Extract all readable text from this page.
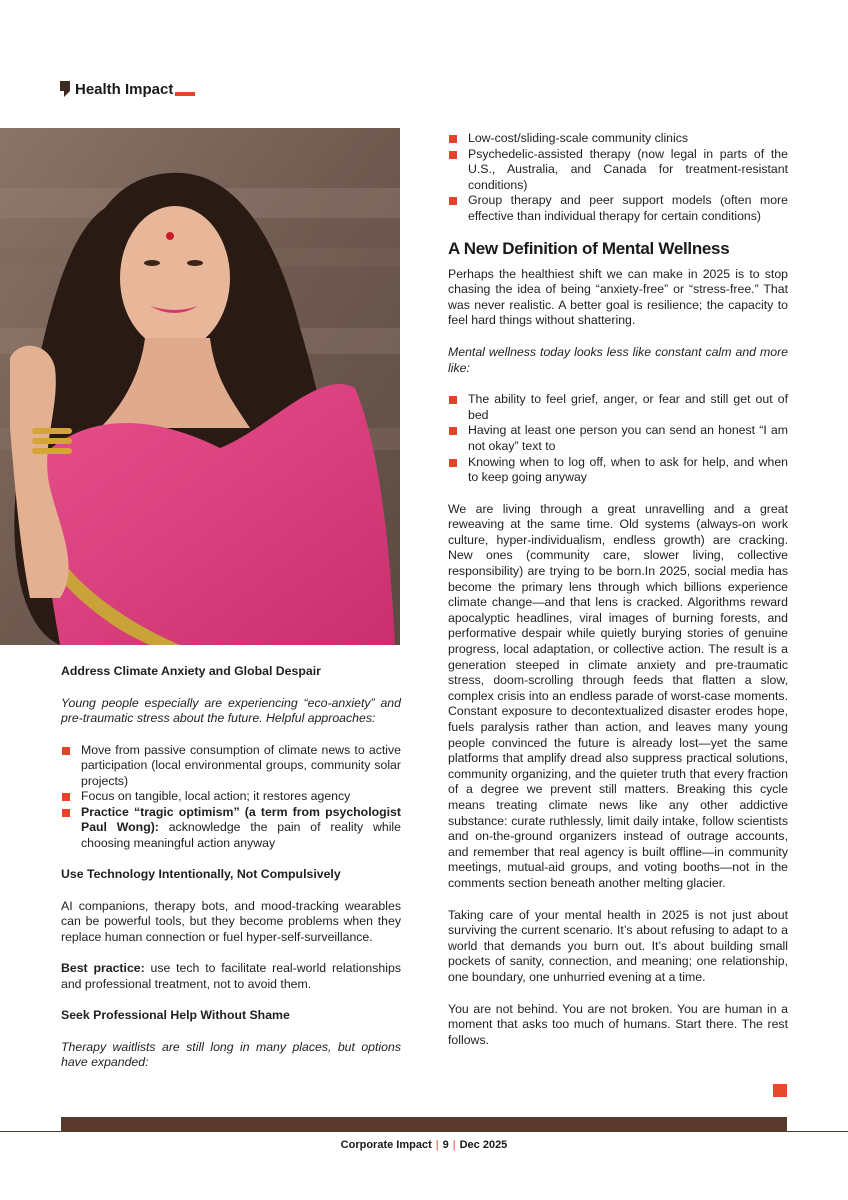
Health Impact
Address Climate Anxiety and Global Despair
Young people especially are experiencing “eco-anxiety” and pre-traumatic stress about the future. Helpful approaches:
Move from passive consumption of climate news to active participation (local environmental groups, community solar projects)
Focus on tangible, local action; it restores agency
Practice “tragic optimism” (a term from psychologist Paul Wong): acknowledge the pain of reality while choosing meaningful action anyway
Use Technology Intentionally, Not Compulsively
AI companions, therapy bots, and mood-tracking wearables can be powerful tools, but they become problems when they replace human connection or fuel hyper-self-surveillance.
Best practice: use tech to facilitate real-world relationships and professional treatment, not to avoid them.
Seek Professional Help Without Shame
Therapy waitlists are still long in many places, but options have expanded:
Low-cost/sliding-scale community clinics
Psychedelic-assisted therapy (now legal in parts of the U.S., Australia, and Canada for treatment-resistant conditions)
Group therapy and peer support models (often more effective than individual therapy for certain conditions)
A New Definition of Mental Wellness
Perhaps the healthiest shift we can make in 2025 is to stop chasing the idea of being “anxiety-free” or “stress-free.” That was never realistic. A better goal is resilience; the capacity to feel hard things without shattering.
Mental wellness today looks less like constant calm and more like:
The ability to feel grief, anger, or fear and still get out of bed
Having at least one person you can send an honest “I am not okay” text to
Knowing when to log off, when to ask for help, and when to keep going anyway
We are living through a great unravelling and a great reweaving at the same time. Old systems (always-on work culture, hyper-individualism, endless growth) are cracking. New ones (community care, slower living, collective responsibility) are trying to be born.In 2025, social media has become the primary lens through which billions experience climate change—and that lens is cracked. Algorithms reward apocalyptic headlines, viral images of burning forests, and performative despair while quietly burying stories of genuine progress, local adaptation, or collective action. The result is a generation steeped in climate anxiety and pre-traumatic stress, doom-scrolling through feeds that flatten a slow, complex crisis into an endless parade of worst-case moments. Constant exposure to decontextualized disaster erodes hope, fuels paralysis rather than action, and leaves many young people convinced the future is already lost—yet the same platforms that amplify dread also suppress practical solutions, community organizing, and the quieter truth that every fraction of a degree we prevent still matters. Breaking this cycle means treating climate news like any other addictive substance: curate ruthlessly, limit daily intake, follow scientists and on-the-ground organizers instead of outrage accounts, and remember that real agency is built offline—in community meetings, mutual-aid groups, and voting booths—not in the comments section beneath another melting glacier.
Taking care of your mental health in 2025 is not just about surviving the current scenario. It’s about refusing to adapt to a world that demands you burn out. It’s about building small pockets of sanity, connection, and meaning; one relationship, one boundary, one unhurried evening at a time.
You are not behind. You are not broken. You are human in a moment that asks too much of humans. Start there. The rest follows.
Corporate Impact | 9 | Dec 2025
